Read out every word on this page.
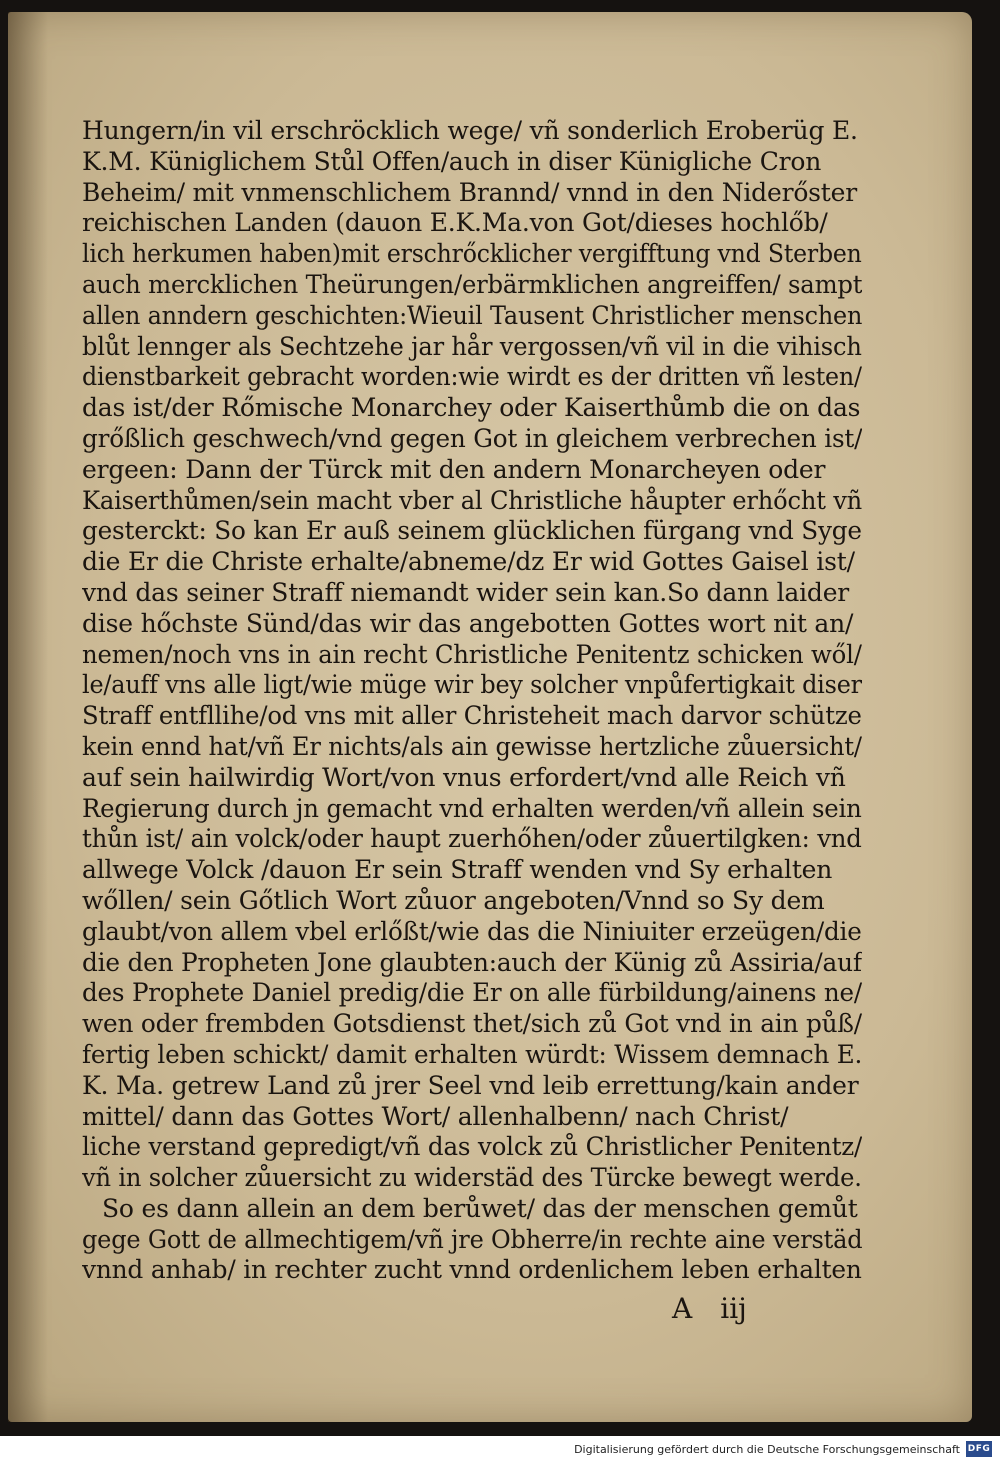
Hungern/in vil erschröcklich wege/ vñ sonderlich Eroberüg E.
K.M. Küniglichem Stůl Offen/auch in diser Künigliche Cron
Beheim/ mit vnmenschlichem Brannd/ vnnd in den Niderőster
reichischen Landen (dauon E.K.Ma.von Got/dieses hochlőb/
lich herkumen haben)mit erschrőcklicher vergifftung vnd Sterben
auch mercklichen Theürungen/erbärmklichen angreiffen/ sampt
allen anndern geschichten:Wieuil Tausent Christlicher menschen
blůt lennger als Sechtzehe jar hår vergossen/vñ vil in die vihisch
dienstbarkeit gebracht worden:wie wirdt es der dritten vñ lesten/
das ist/der Rőmische Monarchey oder Kaiserthůmb die on das
grőßlich geschwech/vnd gegen Got in gleichem verbrechen ist/
ergeen: Dann der Türck mit den andern Monarcheyen oder
Kaiserthůmen/sein macht vber al Christliche håupter erhőcht vñ
gesterckt: So kan Er auß seinem glücklichen fürgang vnd Syge
die Er die Christe erhalte/abneme/dz Er wid Gottes Gaisel ist/
vnd das seiner Straff niemandt wider sein kan.So dann laider
dise hőchste Sünd/das wir das angebotten Gottes wort nit an/
nemen/noch vns in ain recht Christliche Penitentz schicken wől/
le/auff vns alle ligt/wie müge wir bey solcher vnpůfertigkait diser
Straff entfllihe/od vns mit aller Christeheit mach darvor schütze
kein ennd hat/vñ Er nichts/als ain gewisse hertzliche zůuersicht/
auf sein hailwirdig Wort/von vnus erfordert/vnd alle Reich vñ
Regierung durch jn gemacht vnd erhalten werden/vñ allein sein
thůn ist/ ain volck/oder haupt zuerhőhen/oder zůuertilgken: vnd
allwege Volck /dauon Er sein Straff wenden vnd Sy erhalten
wőllen/ sein Gőtlich Wort zůuor angeboten/Vnnd so Sy dem
glaubt/von allem vbel erlőßt/wie das die Niniuiter erzeügen/die
die den Propheten Jone glaubten:auch der Künig zů Assiria/auf
des Prophete Daniel predig/die Er on alle fürbildung/ainens ne/
wen oder frembden Gotsdienst thet/sich zů Got vnd in ain půß/
fertig leben schickt/ damit erhalten würdt: Wissem demnach E.
K. Ma. getrew Land zů jrer Seel vnd leib errettung/kain ander
mittel/ dann das Gottes Wort/ allenhalbenn/ nach Christ/
liche verstand gepredigt/vñ das volck zů Christlicher Penitentz/
vñ in solcher zůuersicht zu widerstäd des Türcke bewegt werde.
So es dann allein an dem berůwet/ das der menschen gemůt
gege Gott de allmechtigem/vñ jre Obherre/in rechte aine verstäd
vnnd anhab/ in rechter zucht vnnd ordenlichem leben erhalten
A iij
Digitalisierung gefördert durch die Deutsche Forschungsgemeinschaft DFG
